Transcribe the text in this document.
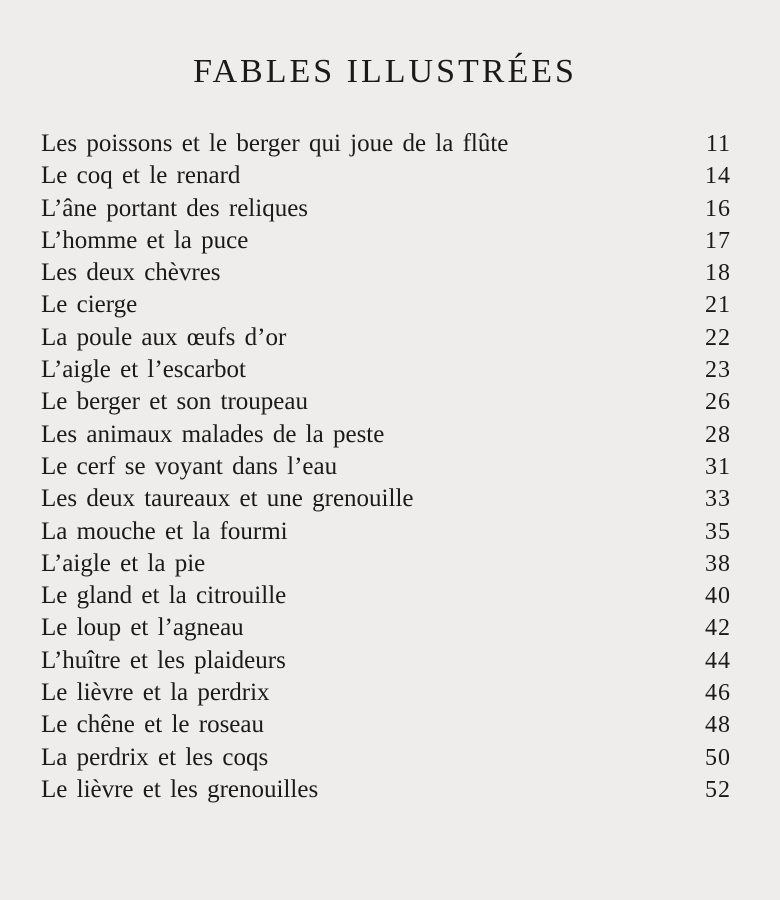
FABLES ILLUSTRÉES
Les poissons et le berger qui joue de la flûte	11
Le coq et le renard	14
L’âne portant des reliques	16
L’homme et la puce	17
Les deux chèvres	18
Le cierge	21
La poule aux œufs d’or	22
L’aigle et l’escarbot	23
Le berger et son troupeau	26
Les animaux malades de la peste	28
Le cerf se voyant dans l’eau	31
Les deux taureaux et une grenouille	33
La mouche et la fourmi	35
L’aigle et la pie	38
Le gland et la citrouille	40
Le loup et l’agneau	42
L’huître et les plaideurs	44
Le lièvre et la perdrix	46
Le chêne et le roseau	48
La perdrix et les coqs	50
Le lièvre et les grenouilles	52
